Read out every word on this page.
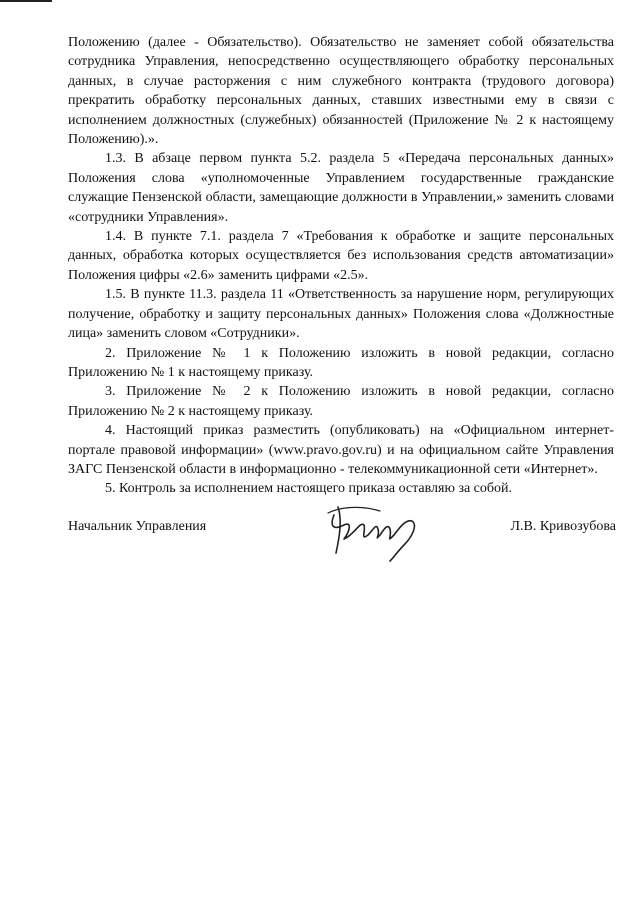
Положению (далее - Обязательство). Обязательство не заменяет собой обязательства сотрудника Управления, непосредственно осуществляющего обработку персональных данных, в случае расторжения с ним служебного контракта (трудового договора) прекратить обработку персональных данных, ставших известными ему в связи с исполнением должностных (служебных) обязанностей (Приложение № 2 к настоящему Положению).».

1.3. В абзаце первом пункта 5.2. раздела 5 «Передача персональных данных» Положения слова «уполномоченные Управлением государственные гражданские служащие Пензенской области, замещающие должности в Управлении,» заменить словами «сотрудники Управления».

1.4. В пункте 7.1. раздела 7 «Требования к обработке и защите персональных данных, обработка которых осуществляется без использования средств автоматизации» Положения цифры «2.6» заменить цифрами «2.5».

1.5. В пункте 11.3. раздела 11 «Ответственность за нарушение норм, регулирующих получение, обработку и защиту персональных данных» Положения слова «Должностные лица» заменить словом «Сотрудники».

2. Приложение № 1 к Положению изложить в новой редакции, согласно Приложению № 1 к настоящему приказу.

3. Приложение № 2 к Положению изложить в новой редакции, согласно Приложению № 2 к настоящему приказу.

4. Настоящий приказ разместить (опубликовать) на «Официальном интернет-портале правовой информации» (www.pravo.gov.ru) и на официальном сайте Управления ЗАГС Пензенской области в информационно - телекоммуникационной сети «Интернет».

5. Контроль за исполнением настоящего приказа оставляю за собой.

Начальник Управления	Л.В. Кривозубова
